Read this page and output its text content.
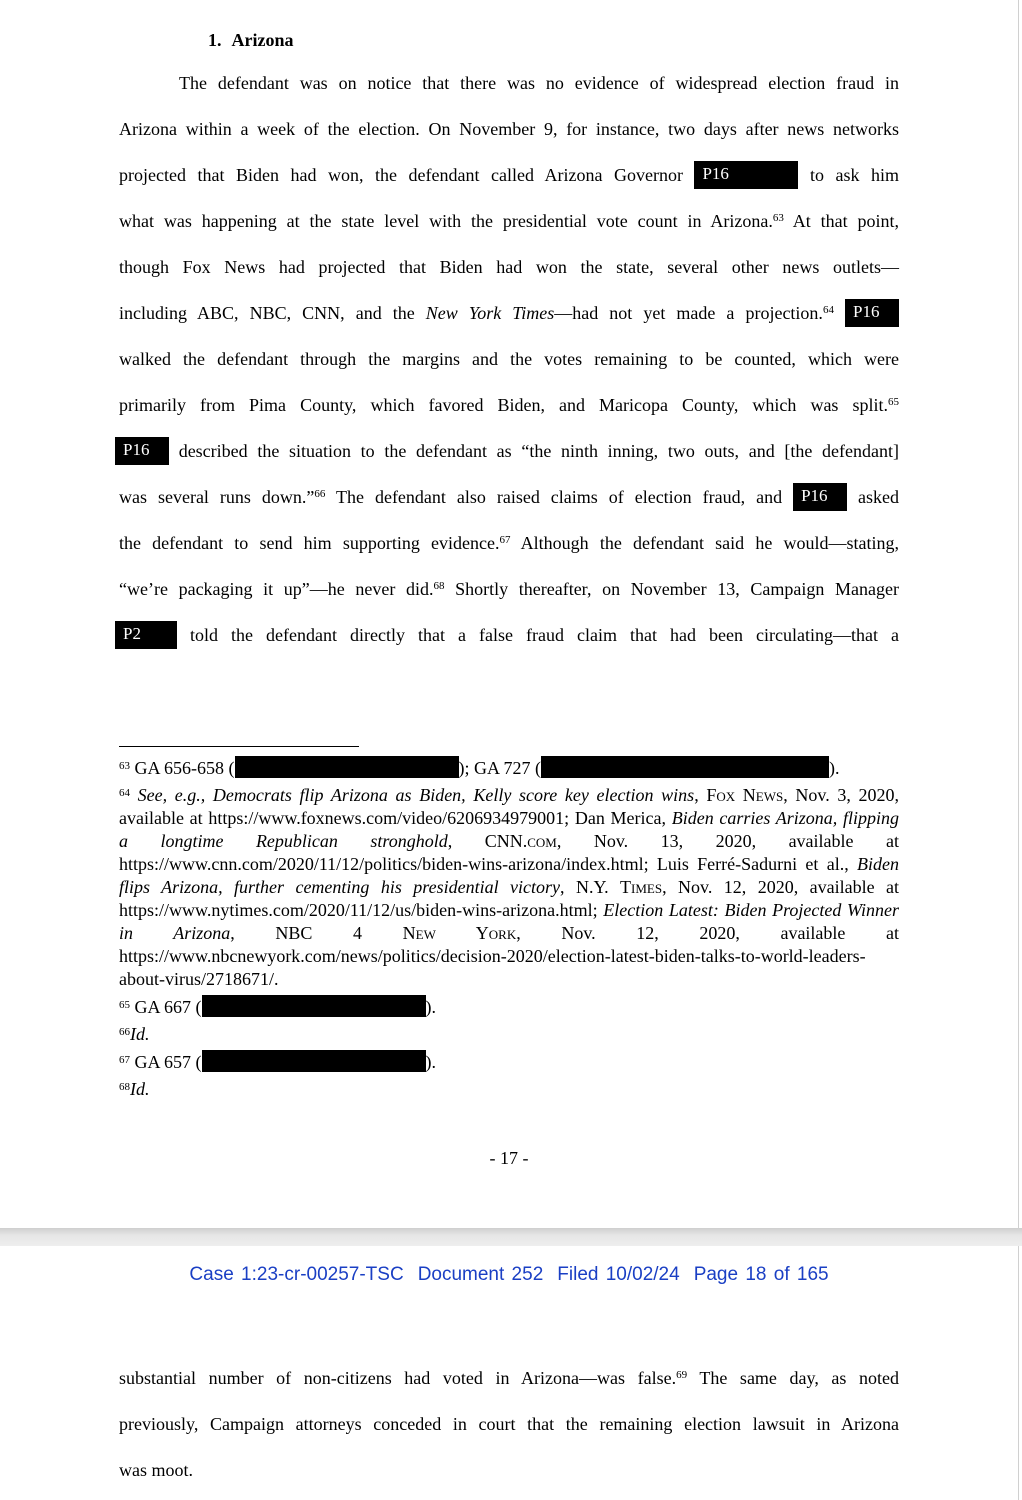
1. Arizona
The defendant was on notice that there was no evidence of widespread election fraud in
Arizona within a week of the election. On November 9, for instance, two days after news networks
projected that Biden had won, the defendant called Arizona Governor P16	to ask him
what was happening at the state level with the presidential vote count in Arizona.$^{63}$ At that point,
though Fox News had projected that Biden had won the state, several other news outlets—
including ABC, NBC, CNN, and the New York Times—had not yet made a projection.$^{64}$ P16
walked the defendant through the margins and the votes remaining to be counted, which were
primarily from Pima County, which favored Biden, and Maricopa County, which was split.$^{65}$
P16 described the situation to the defendant as “the ninth inning, two outs, and [the defendant]
was several runs down.”$^{66}$ The defendant also raised claims of election fraud, and P16 asked
the defendant to send him supporting evidence.$^{67}$ Although the defendant said he would—stating,
“we’re packaging it up”—he never did.$^{68}$ Shortly thereafter, on November 13, Campaign Manager
P2	told the defendant directly that a false fraud claim that had been circulating—that a
$^{63}$ GA 656-658 (	); GA 727 (	).
$^{64}$ See, e.g., Democrats flip Arizona as Biden, Kelly score key election wins, Fox News, Nov. 3, 2020, available at https://www.foxnews.com/video/6206934979001; Dan Merica, Biden carries Arizona, flipping a longtime Republican stronghold, CNN.com, Nov. 13, 2020, available at https://www.cnn.com/2020/11/12/politics/biden-wins-arizona/index.html; Luis Ferré-Sadurni et al., Biden flips Arizona, further cementing his presidential victory, N.Y. Times, Nov. 12, 2020, available at https://www.nytimes.com/2020/11/12/us/biden-wins-arizona.html; Election Latest: Biden Projected Winner in Arizona, NBC 4 New York, Nov. 12, 2020, available at https://www.nbcnewyork.com/news/politics/decision-2020/election-latest-biden-talks-to-world-leaders-about-virus/2718671/.
$^{65}$ GA 667 (	).
$^{66}$Id.
$^{67}$ GA 657 (	).
$^{68}$Id.
- 17 -
Case 1:23-cr-00257-TSC Document 252 Filed 10/02/24 Page 18 of 165
substantial number of non-citizens had voted in Arizona—was false.$^{69}$ The same day, as noted
previously, Campaign attorneys conceded in court that the remaining election lawsuit in Arizona
was moot.
